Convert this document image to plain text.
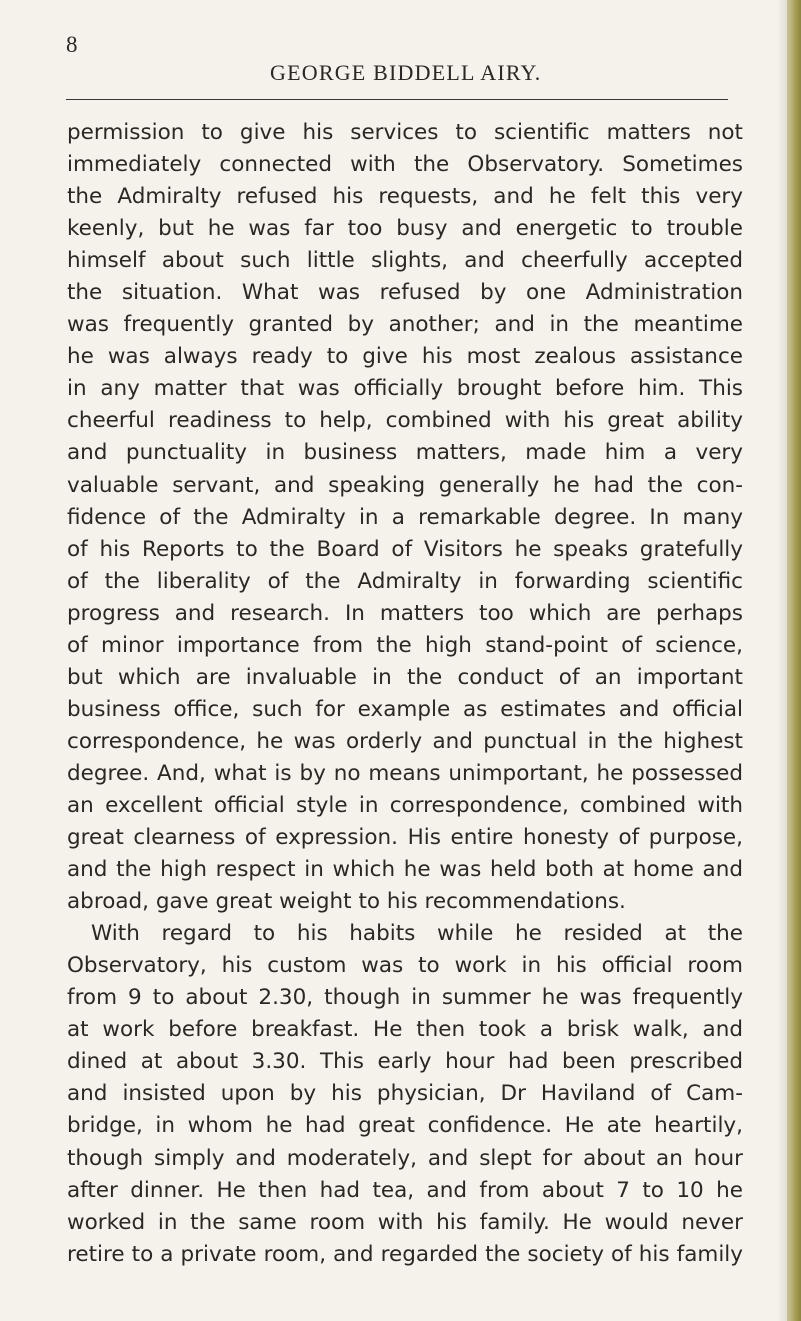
8
GEORGE BIDDELL AIRY.
permission to give his services to scientific matters not
immediately connected with the Observatory. Sometimes
the Admiralty refused his requests, and he felt this very
keenly, but he was far too busy and energetic to trouble
himself about such little slights, and cheerfully accepted
the situation. What was refused by one Administration
was frequently granted by another; and in the meantime
he was always ready to give his most zealous assistance
in any matter that was officially brought before him. This
cheerful readiness to help, combined with his great ability
and punctuality in business matters, made him a very
valuable servant, and speaking generally he had the con-
fidence of the Admiralty in a remarkable degree. In many
of his Reports to the Board of Visitors he speaks gratefully
of the liberality of the Admiralty in forwarding scientific
progress and research. In matters too which are perhaps
of minor importance from the high stand-point of science,
but which are invaluable in the conduct of an important
business office, such for example as estimates and official
correspondence, he was orderly and punctual in the highest
degree. And, what is by no means unimportant, he possessed
an excellent official style in correspondence, combined with
great clearness of expression. His entire honesty of purpose,
and the high respect in which he was held both at home and
abroad, gave great weight to his recommendations.
With regard to his habits while he resided at the
Observatory, his custom was to work in his official room
from 9 to about 2.30, though in summer he was frequently
at work before breakfast. He then took a brisk walk, and
dined at about 3.30. This early hour had been prescribed
and insisted upon by his physician, Dr Haviland of Cam-
bridge, in whom he had great confidence. He ate heartily,
though simply and moderately, and slept for about an hour
after dinner. He then had tea, and from about 7 to 10 he
worked in the same room with his family. He would never
retire to a private room, and regarded the society of his family
